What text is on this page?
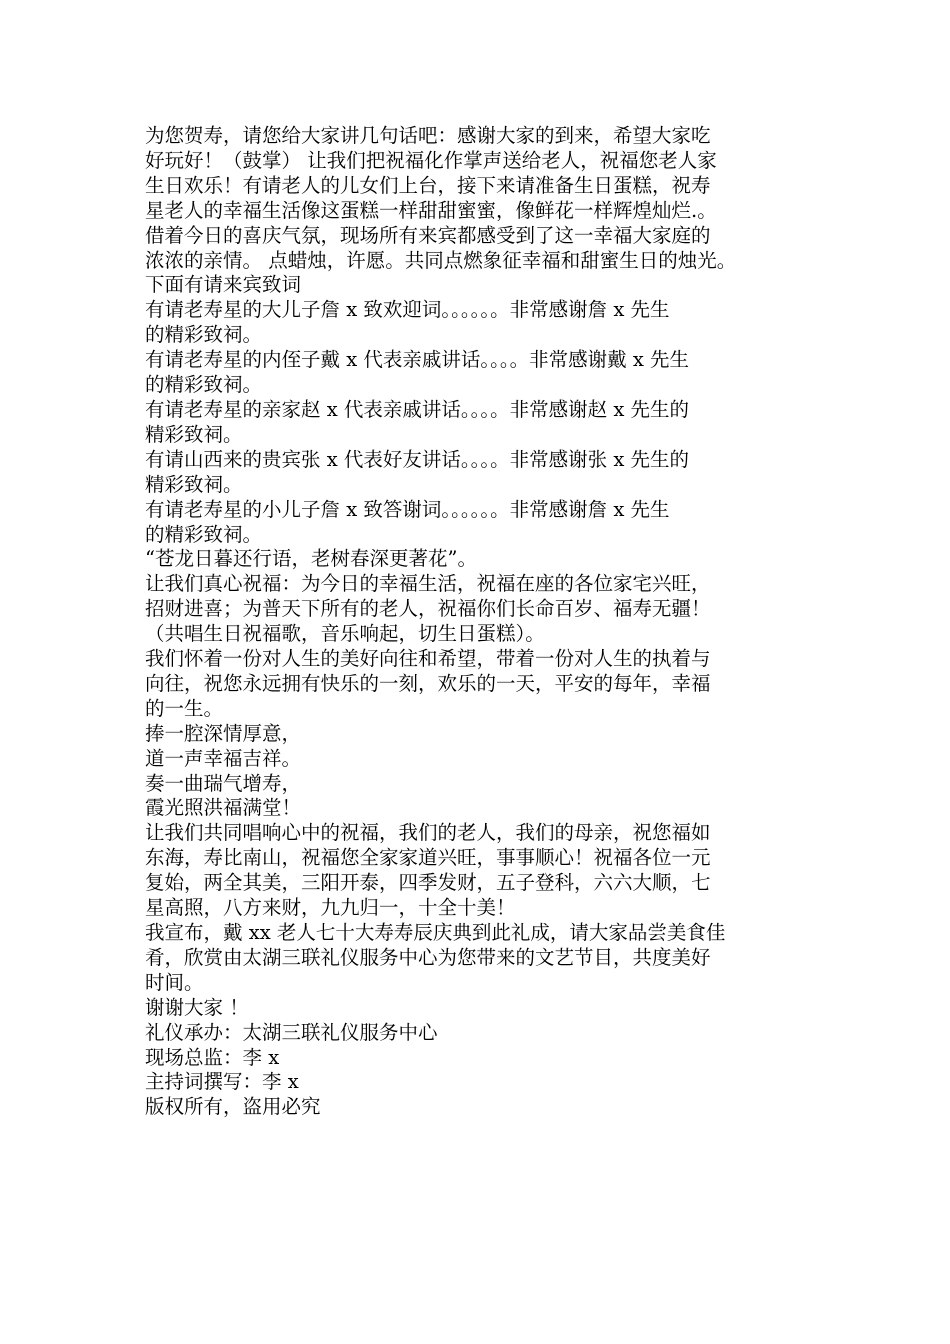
为您贺寿，请您给大家讲几句话吧：感谢大家的到来，希望大家吃
好玩好！（鼓掌） 让我们把祝福化作掌声送给老人，祝福您老人家
生日欢乐！有请老人的儿女们上台，接下来请准备生日蛋糕，祝寿
星老人的幸福生活像这蛋糕一样甜甜蜜蜜，像鲜花一样辉煌灿烂.。
借着今日的喜庆气氛，现场所有来宾都感受到了这一幸福大家庭的
浓浓的亲情。 点蜡烛，许愿。共同点燃象征幸福和甜蜜生日的烛光。

下面有请来宾致词

有请老寿星的大儿子詹 x 致欢迎词。。。。。。非常感谢詹 x 先生
的精彩致祠。

有请老寿星的内侄子戴 x 代表亲戚讲话。。。。非常感谢戴 x 先生
的精彩致祠。

有请老寿星的亲家赵 x 代表亲戚讲话。。。。非常感谢赵 x 先生的
精彩致祠。

有请山西来的贵宾张 x 代表好友讲话。。。。非常感谢张 x 先生的
精彩致祠。

有请老寿星的小儿子詹 x 致答谢词。。。。。。非常感谢詹 x 先生
的精彩致祠。

“苍龙日暮还行语，老树春深更著花”。

让我们真心祝福：为今日的幸福生活，祝福在座的各位家宅兴旺，
招财进喜；为普天下所有的老人，祝福你们长命百岁、福寿无疆！
（共唱生日祝福歌，音乐响起，切生日蛋糕）。

我们怀着一份对人生的美好向往和希望，带着一份对人生的执着与
向往，祝您永远拥有快乐的一刻，欢乐的一天，平安的每年，幸福
的一生。

捧一腔深情厚意，

道一声幸福吉祥。

奏一曲瑞气增寿，

霞光照洪福满堂！

让我们共同唱响心中的祝福，我们的老人，我们的母亲，祝您福如
东海，寿比南山，祝福您全家家道兴旺，事事顺心！祝福各位一元
复始，两全其美，三阳开泰，四季发财，五子登科，六六大顺，七
星高照，八方来财，九九归一，十全十美！

我宣布，戴 xx 老人七十大寿寿辰庆典到此礼成，请大家品尝美食佳
肴，欣赏由太湖三联礼仪服务中心为您带来的文艺节目，共度美好
时间。

谢谢大家 ！

礼仪承办：太湖三联礼仪服务中心

现场总监：李 x

主持词撰写：李 x

版权所有，盗用必究
